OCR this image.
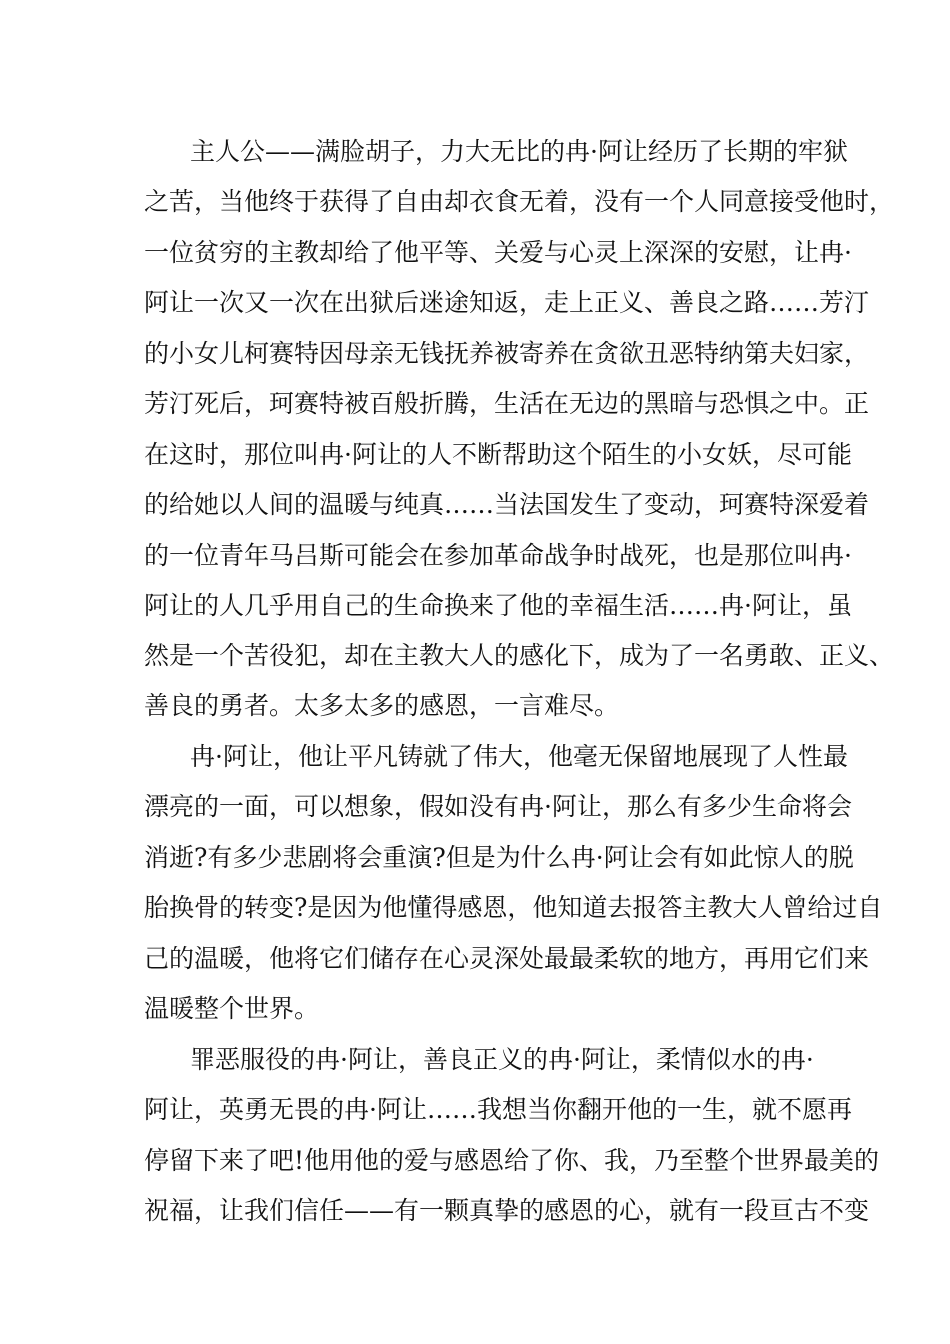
主人公——满脸胡子，力大无比的冉·阿让经历了长期的牢狱

之苦，当他终于获得了自由却衣食无着，没有一个人同意接受他时，

一位贫穷的主教却给了他平等、关爱与心灵上深深的安慰，让冉·

阿让一次又一次在出狱后迷途知返，走上正义、善良之路……芳汀

的小女儿柯赛特因母亲无钱抚养被寄养在贪欲丑恶特纳第夫妇家，

芳汀死后，珂赛特被百般折腾，生活在无边的黑暗与恐惧之中。正

在这时，那位叫冉·阿让的人不断帮助这个陌生的小女妖，尽可能

的给她以人间的温暖与纯真……当法国发生了变动，珂赛特深爱着

的一位青年马吕斯可能会在参加革命战争时战死，也是那位叫冉·

阿让的人几乎用自己的生命换来了他的幸福生活……冉·阿让，虽

然是一个苦役犯，却在主教大人的感化下，成为了一名勇敢、正义、

善良的勇者。太多太多的感恩，一言难尽。

冉·阿让，他让平凡铸就了伟大，他毫无保留地展现了人性最

漂亮的一面，可以想象，假如没有冉·阿让，那么有多少生命将会

消逝?有多少悲剧将会重演?但是为什么冉·阿让会有如此惊人的脱

胎换骨的转变?是因为他懂得感恩，他知道去报答主教大人曾给过自

己的温暖，他将它们储存在心灵深处最最柔软的地方，再用它们来

温暖整个世界。

罪恶服役的冉·阿让，善良正义的冉·阿让，柔情似水的冉·

阿让，英勇无畏的冉·阿让……我想当你翻开他的一生，就不愿再

停留下来了吧!他用他的爱与感恩给了你、我，乃至整个世界最美的

祝福，让我们信任——有一颗真挚的感恩的心，就有一段亘古不变
